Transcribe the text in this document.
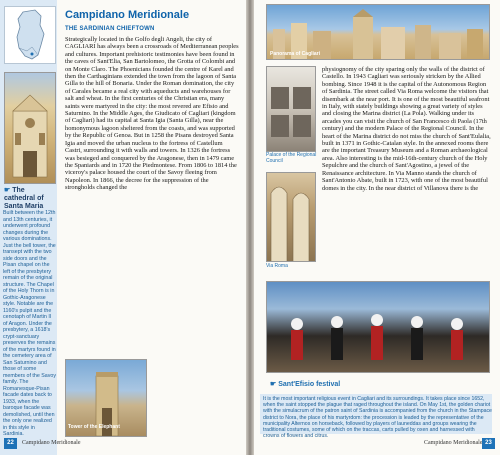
☛ The cathedral of Santa Maria
Built between the 12th and 13th centuries, it underwent profound changes during the various dominations. Just the bell tower, the transept with the two side doors and the Pisan chapel on the left of the presbytery remain of the original structure. The Chapel of the Holy Thorn is in Gothic-Aragonese style. Notable are the 1160's pulpit and the cenotaph of Martin II of Aragon. Under the presbytery, a 1618's crypt-sanctuary preserves the remains of the martyrs found in the cemetery area of San Saturnino and those of some members of the Savoy family. The Romanesque-Pisan facade dates back to 1933, when the baroque facade was demolished, until then the only one realized in this style in Sardinia.
Campidano Meridionale
THE SARDINIAN CHIEFTOWN
Strategically located in the Golfo degli Angeli, the city of CAGLIARI has always been a crossroads of Mediterranean peoples and cultures. Important prehistoric testimonies have been found in the caves of Sant'Elia, San Bartolomeo, the Grotta of Colombi and on Monte Claro. The Phoenicians founded the centre of Karel and then the Carthaginians extended the town from the lagoon of Santa Gilla to the hill of Bonaria. Under the Roman domination, the city of Carales became a real city with aqueducts and warehouses for salt and wheat. In the first centuries of the Christian era, many saints were martyred in the city: the most revered are Efisio and Saturnino. In the Middle Ages, the Giudicato of Cagliari (kingdom of Cagliari) had its capital at Santa Igia (Santa Gilla), near the homonymous lagoon sheltered from the coasts, and was supported by the Republic of Genoa. But in 1258 the Pisans destroyed Santa Igia and moved the urban nucleus to the fortress of Castellum Castri, surrounding it with walls and towers. In 1326 the fortress was besieged and conquered by the Aragonese, then in 1479 came the Spaniards and in 1720 the Piedmontese. From 1806 to 1814 the viceroy's palace housed the court of the Savoy fleeing from Napoleon. In 1866, the decree for the suppression of the strongholds changed the
Tower of the Elephant
22	Campidano Meridionale
Panorama of Cagliari
Palace of the Regional Council
Via Roma
physiognomy of the city sparing only the walls of the district of Castello. In 1943 Cagliari was seriously stricken by the Allied bombing. Since 1948 it is the capital of the Autonomous Region of Sardinia. The street called Via Roma welcome the visitors that disembark at the near port. It is one of the most beautiful seafront in Italy, with stately buildings showing a great variety of styles and closing the Marina district (La Pola). Walking under its arcades you can visit the church of San Francesco di Paola (17th century) and the modern Palace of the Regional Council. In the heart of the Marina district do not miss the church of Sant'Eulalia, built in 1371 in Gothic-Catalan style. In the annexed rooms there are the important Treasury Museum and a Roman archaeological area. Also interesting is the mid-16th-century church of the Holy Sepulchre and the church of Sant'Agostino, a jewel of the Renaissance architecture. In Via Manno stands the church of Sant'Antonio Abate, built in 1723, with one of the most beautiful domes in the city. In the near district of Villanova there is the
☛ Sant'Efisio festival
It is the most important religious event in Cagliari and its surroundings. It takes place since 1652, when the saint stopped the plague that raged throughout the island. On May 1st, the golden chariot with the simulacrum of the patron saint of Sardinia is accompanied from the church in the Stampace district to Nora, the place of his martyrdom: the procession is leaded by the representative of the municipality Alternos on horseback, followed by players of launeddas and groups wearing the traditional costumes, some of which on the traccas, carts pulled by oxen and harnessed with crowns of flowers and citrus.
Campidano Meridionale 23
